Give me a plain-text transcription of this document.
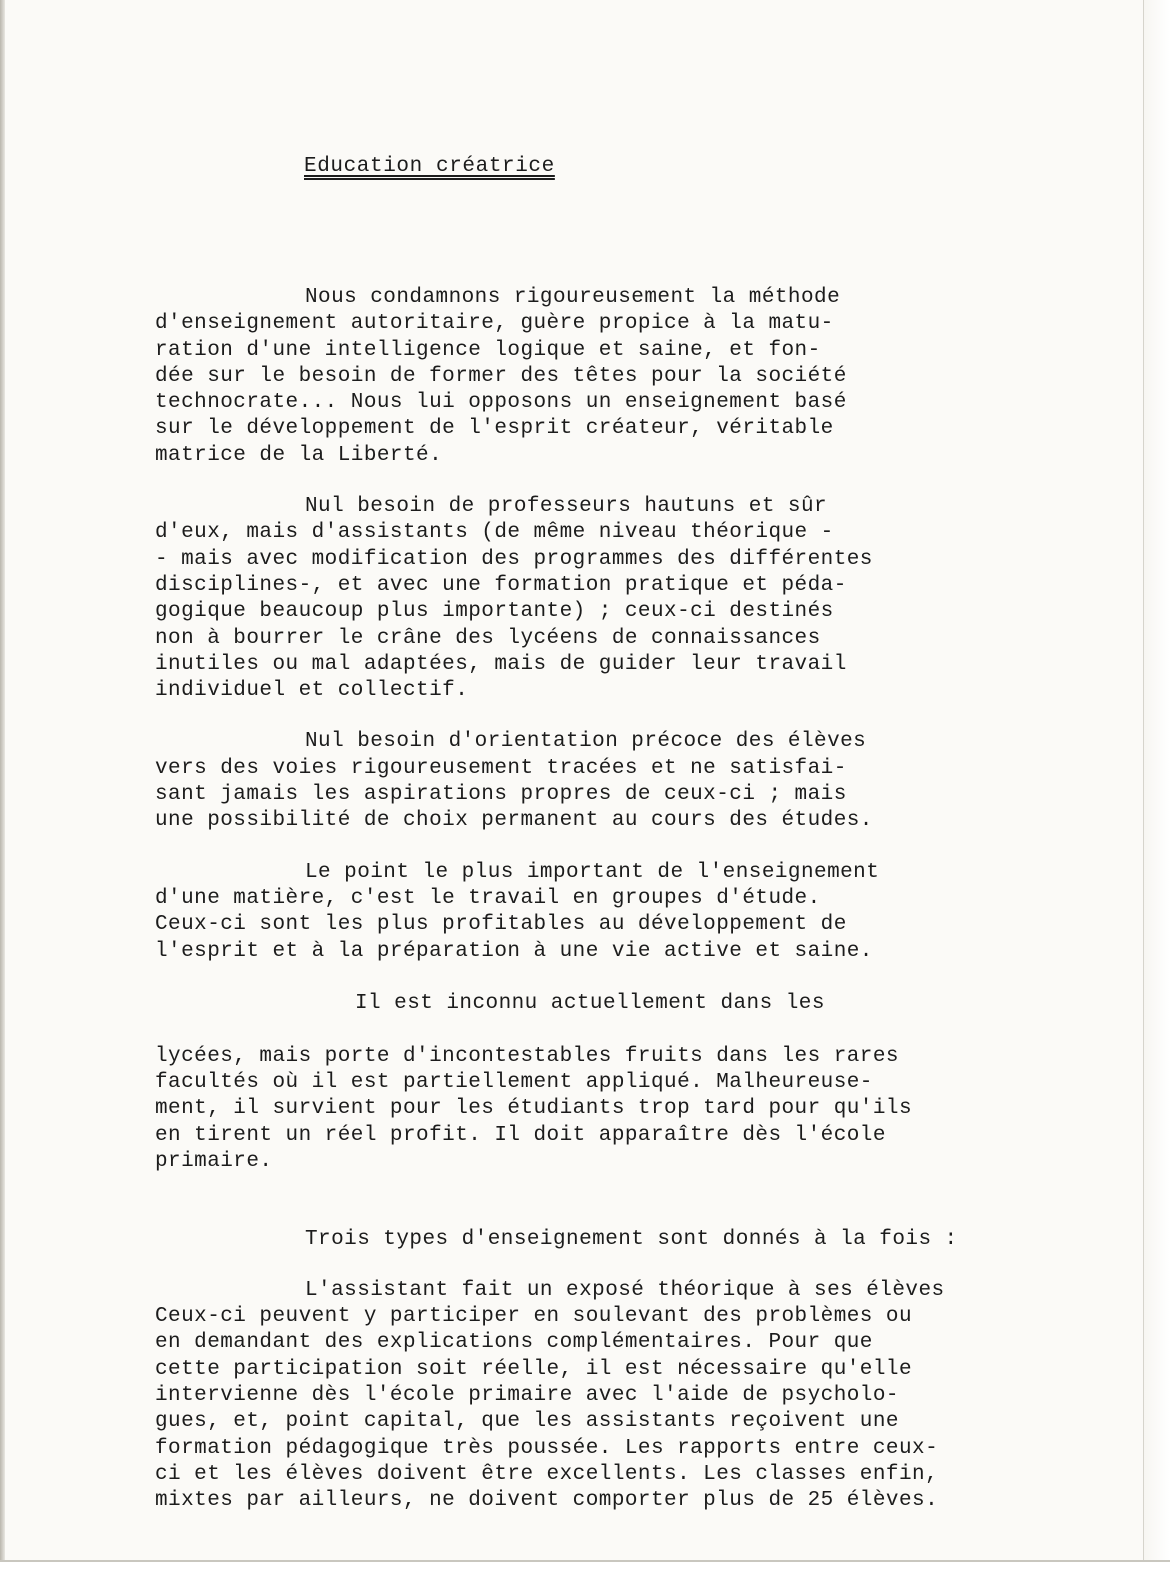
Education créatrice

Nous condamnons rigoureusement la méthode
d'enseignement autoritaire, guère propice à la matu-
ration d'une intelligence logique et saine, et fon-
dée sur le besoin de former des têtes pour la société
technocrate... Nous lui opposons un enseignement basé
sur le développement de l'esprit créateur, véritable
matrice de la Liberté.

Nul besoin de professeurs hautuns et sûr
d'eux, mais d'assistants (de même niveau théorique -
- mais avec modification des programmes des différentes
disciplines-, et avec une formation pratique et péda-
gogique beaucoup plus importante) ; ceux-ci destinés
non à bourrer le crâne des lycéens de connaissances
inutiles ou mal adaptées, mais de guider leur travail
individuel et collectif.

Nul besoin d'orientation précoce des élèves
vers des voies rigoureusement tracées et ne satisfai-
sant jamais les aspirations propres de ceux-ci ; mais
une possibilité de choix permanent au cours des études.

Le point le plus important de l'enseignement
d'une matière, c'est le travail en groupes d'étude.
Ceux-ci sont les plus profitables au développement de
l'esprit et à la préparation à une vie active et saine.

Il est inconnu actuellement dans les

lycées, mais porte d'incontestables fruits dans les rares
facultés où il est partiellement appliqué. Malheureuse-
ment, il survient pour les étudiants trop tard pour qu'ils
en tirent un réel profit. Il doit apparaître dès l'école
primaire.

Trois types d'enseignement sont donnés à la fois :

L'assistant fait un exposé théorique à ses élèves
Ceux-ci peuvent y participer en soulevant des problèmes ou
en demandant des explications complémentaires. Pour que
cette participation soit réelle, il est nécessaire qu'elle
intervienne dès l'école primaire avec l'aide de psycholo-
gues, et, point capital, que les assistants reçoivent une
formation pédagogique très poussée. Les rapports entre ceux-
ci et les élèves doivent être excellents. Les classes enfin,
mixtes par ailleurs, ne doivent comporter plus de 25 élèves.
